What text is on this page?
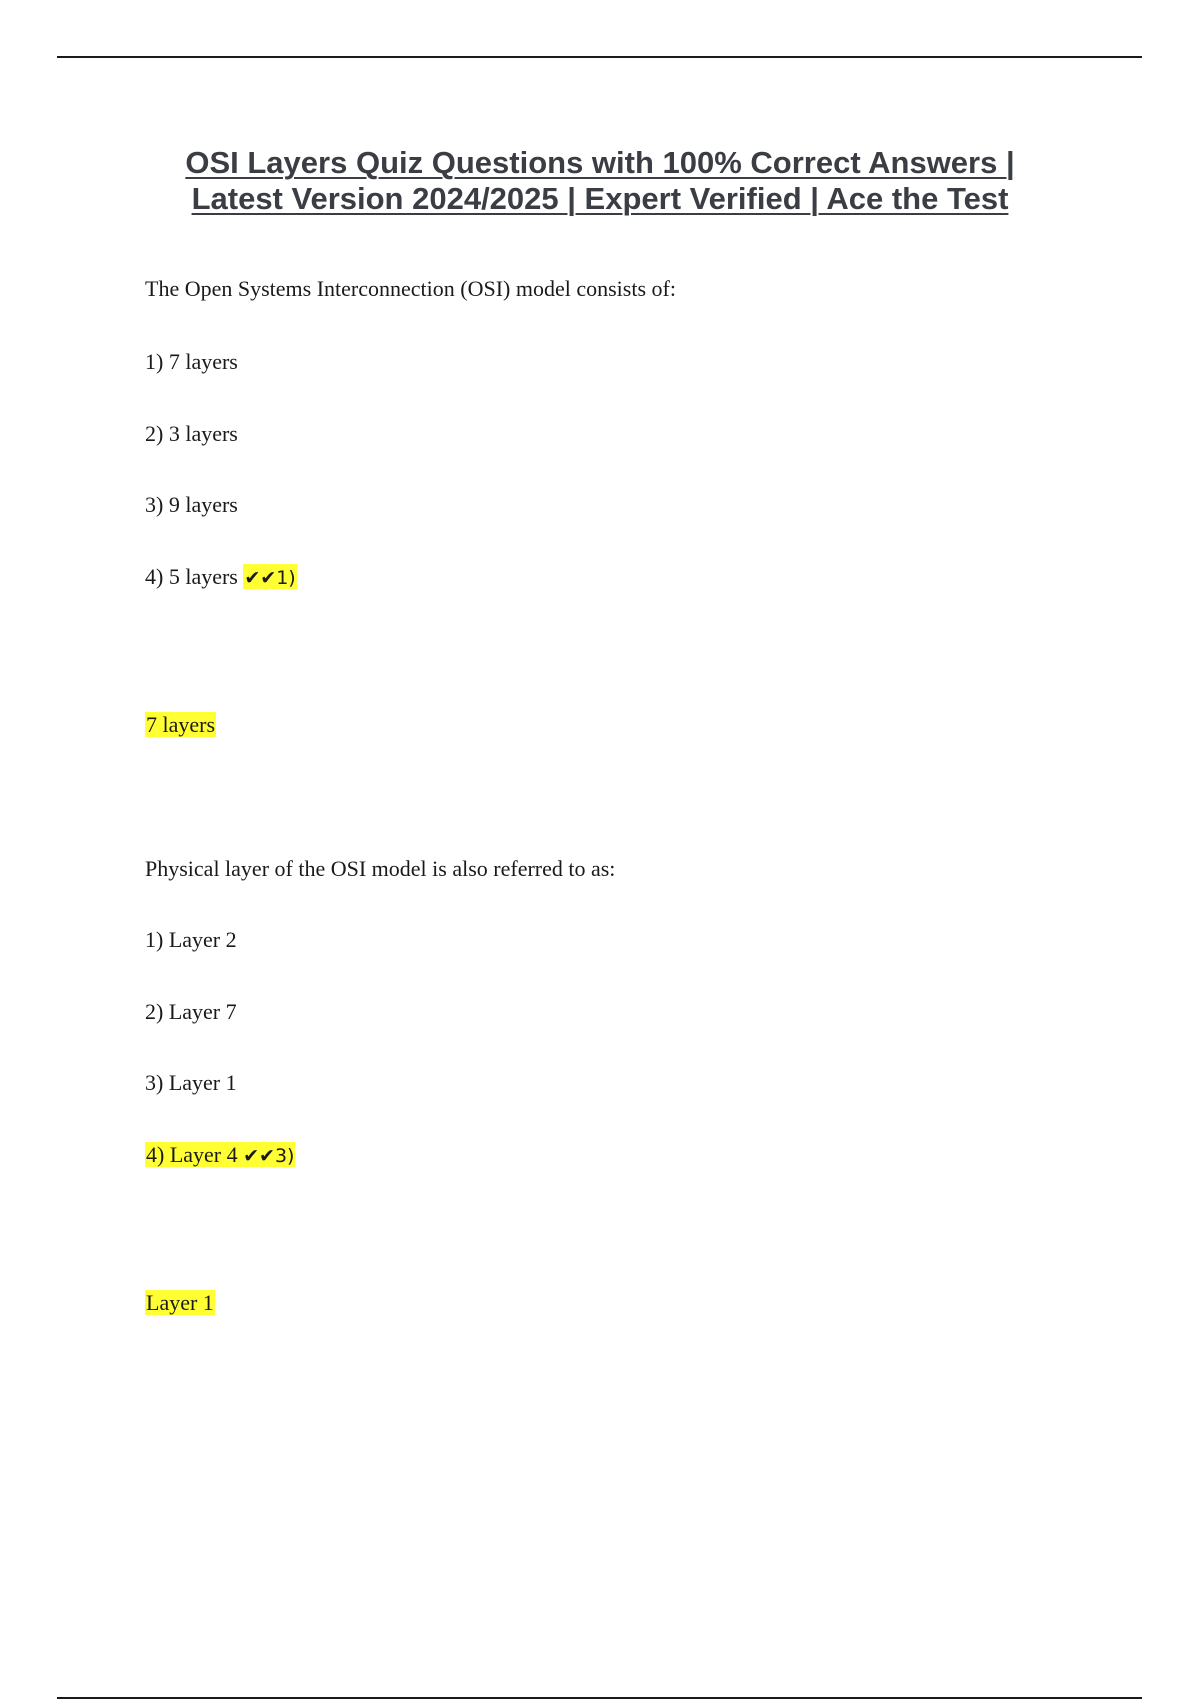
OSI Layers Quiz Questions with 100% Correct Answers |
Latest Version 2024/2025 | Expert Verified | Ace the Test

The Open Systems Interconnection (OSI) model consists of:

1) 7 layers

2) 3 layers

3) 9 layers

4) 5 layers ✔✔1)

7 layers

Physical layer of the OSI model is also referred to as:

1) Layer 2

2) Layer 7

3) Layer 1

4) Layer 4 ✔✔3)

Layer 1
